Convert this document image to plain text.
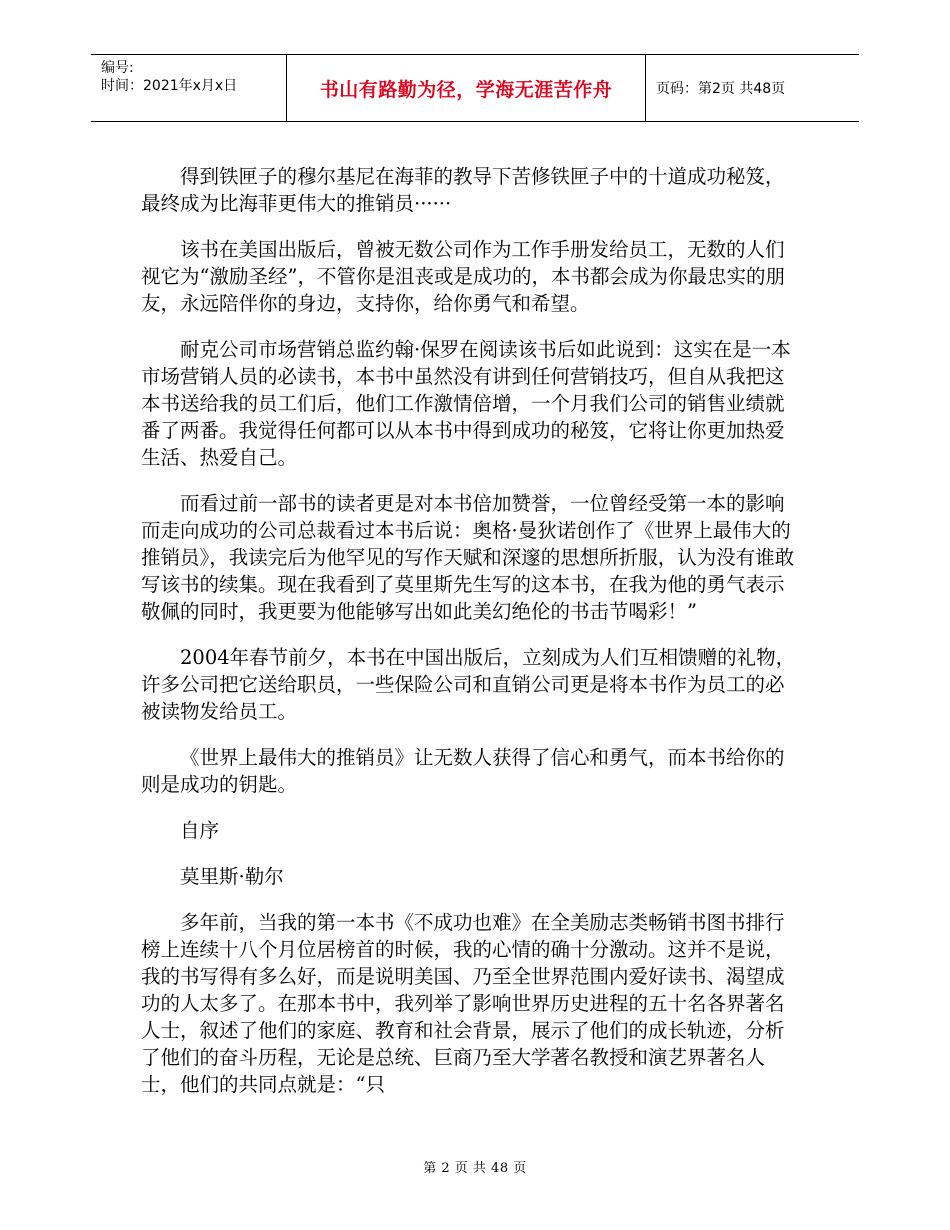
编号:
时间：2021年x月x日	书山有路勤为径，学海无涯苦作舟	页码：第2页 共48页

得到铁匣子的穆尔基尼在海菲的教导下苦修铁匣子中的十道成功秘笈，最终成为比海菲更伟大的推销员······

该书在美国出版后，曾被无数公司作为工作手册发给员工，无数的人们视它为“激励圣经”，不管你是沮丧或是成功的，本书都会成为你最忠实的朋友，永远陪伴你的身边，支持你，给你勇气和希望。

耐克公司市场营销总监约翰·保罗在阅读该书后如此说到：这实在是一本市场营销人员的必读书，本书中虽然没有讲到任何营销技巧，但自从我把这本书送给我的员工们后，他们工作激情倍增，一个月我们公司的销售业绩就番了两番。我觉得任何都可以从本书中得到成功的秘笈，它将让你更加热爱生活、热爱自己。

而看过前一部书的读者更是对本书倍加赞誉，一位曾经受第一本的影响而走向成功的公司总裁看过本书后说：奥格·曼狄诺创作了《世界上最伟大的推销员》，我读完后为他罕见的写作天赋和深邃的思想所折服，认为没有谁敢写该书的续集。现在我看到了莫里斯先生写的这本书，在我为他的勇气表示敬佩的同时，我更要为他能够写出如此美幻绝伦的书击节喝彩！”

2004年春节前夕，本书在中国出版后，立刻成为人们互相馈赠的礼物，许多公司把它送给职员，一些保险公司和直销公司更是将本书作为员工的必被读物发给员工。

《世界上最伟大的推销员》让无数人获得了信心和勇气，而本书给你的则是成功的钥匙。

自序

莫里斯·勒尔

多年前，当我的第一本书《不成功也难》在全美励志类畅销书图书排行榜上连续十八个月位居榜首的时候，我的心情的确十分激动。这并不是说，我的书写得有多么好，而是说明美国、乃至全世界范围内爱好读书、渴望成功的人太多了。在那本书中，我列举了影响世界历史进程的五十名各界著名人士，叙述了他们的家庭、教育和社会背景，展示了他们的成长轨迹，分析了他们的奋斗历程，无论是总统、巨商乃至大学著名教授和演艺界著名人士，他们的共同点就是：“只

第 2 页 共 48 页
